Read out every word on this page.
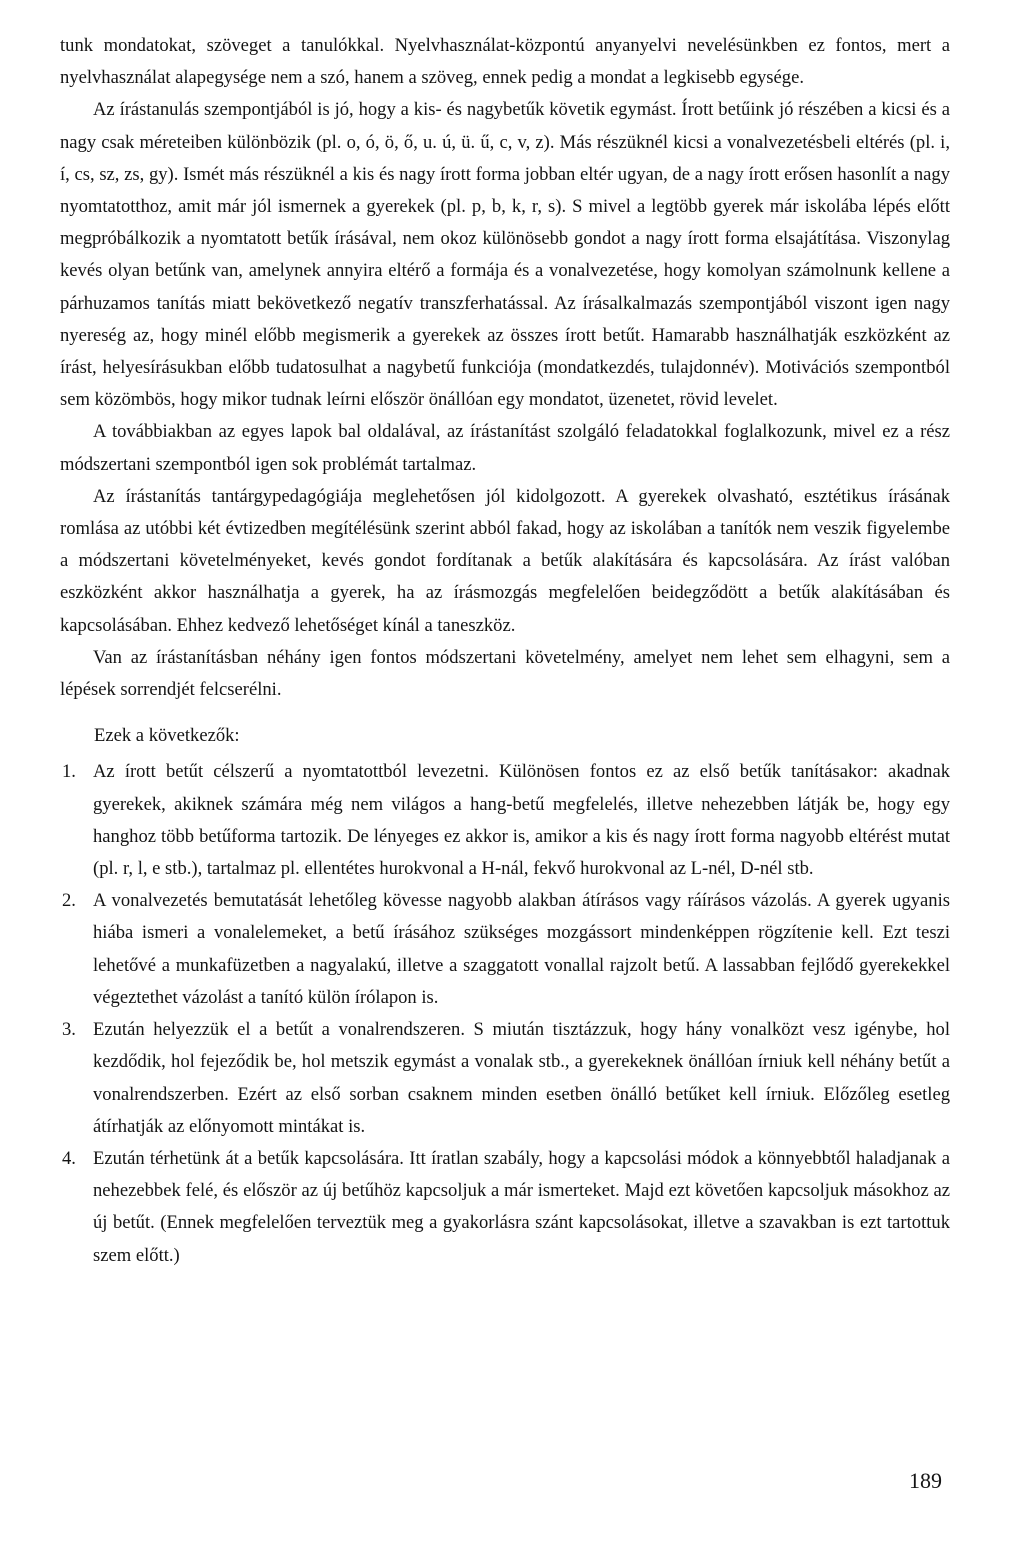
tunk mondatokat, szöveget a tanulókkal. Nyelvhasználat-központú anyanyelvi nevelésünkben ez fontos, mert a nyelvhasználat alapegysége nem a szó, hanem a szöveg, ennek pedig a mondat a legkisebb egysége.

Az írástanulás szempontjából is jó, hogy a kis- és nagybetűk követik egymást. Írott betűink jó részében a kicsi és a nagy csak méreteiben különbözik (pl. o, ó, ö, ő, u. ú, ü. ű, c, v, z). Más részüknél kicsi a vonalvezetésbeli eltérés (pl. i, í, cs, sz, zs, gy). Ismét más részüknél a kis és nagy írott forma jobban eltér ugyan, de a nagy írott erősen hasonlít a nagy nyomtatotthoz, amit már jól ismernek a gyerekek (pl. p, b, k, r, s). S mivel a legtöbb gyerek már iskolába lépés előtt megpróbálkozik a nyomtatott betűk írásával, nem okoz különösebb gondot a nagy írott forma elsajátítása. Viszonylag kevés olyan betűnk van, amelynek annyira eltérő a formája és a vonalvezetése, hogy komolyan számolnunk kellene a párhuzamos tanítás miatt bekövetkező negatív transzferhatással. Az írásalkalmazás szempontjából viszont igen nagy nyereség az, hogy minél előbb megismerik a gyerekek az összes írott betűt. Hamarabb használhatják eszközként az írást, helyesírásukban előbb tudatosulhat a nagybetű funkciója (mondatkezdés, tulajdonnév). Motivációs szempontból sem közömbös, hogy mikor tudnak leírni először önállóan egy mondatot, üzenetet, rövid levelet.

A továbbiakban az egyes lapok bal oldalával, az írástanítást szolgáló feladatokkal foglalkozunk, mivel ez a rész módszertani szempontból igen sok problémát tartalmaz.

Az írástanítás tantárgypedagógiája meglehetősen jól kidolgozott. A gyerekek olvasható, esztétikus írásának romlása az utóbbi két évtizedben megítélésünk szerint abból fakad, hogy az iskolában a tanítók nem veszik figyelembe a módszertani követelményeket, kevés gondot fordítanak a betűk alakítására és kapcsolására. Az írást valóban eszközként akkor használhatja a gyerek, ha az írásmozgás megfelelően beidegződött a betűk alakításában és kapcsolásában. Ehhez kedvező lehetőséget kínál a taneszköz.

Van az írástanításban néhány igen fontos módszertani követelmény, amelyet nem lehet sem elhagyni, sem a lépések sorrendjét felcserélni.

Ezek a következők:

1. Az írott betűt célszerű a nyomtatottból levezetni. Különösen fontos ez az első betűk tanításakor: akadnak gyerekek, akiknek számára még nem világos a hang-betű megfelelés, illetve nehezebben látják be, hogy egy hanghoz több betűforma tartozik. De lényeges ez akkor is, amikor a kis és nagy írott forma nagyobb eltérést mutat (pl. r, l, e stb.), tartalmaz pl. ellentétes hurokvonal a H-nál, fekvő hurokvonal az L-nél, D-nél stb.

2. A vonalvezetés bemutatását lehetőleg kövesse nagyobb alakban átírásos vagy ráírásos vázolás. A gyerek ugyanis hiába ismeri a vonalelemeket, a betű írásához szükséges mozgássort mindenképpen rögzítenie kell. Ezt teszi lehetővé a munkafüzetben a nagyalakú, illetve a szaggatott vonallal rajzolt betű. A lassabban fejlődő gyerekekkel végeztethet vázolást a tanító külön írólapon is.

3. Ezután helyezzük el a betűt a vonalrendszeren. S miután tisztázzuk, hogy hány vonalközt vesz igénybe, hol kezdődik, hol fejeződik be, hol metszik egymást a vonalak stb., a gyerekeknek önállóan írniuk kell néhány betűt a vonalrendszerben. Ezért az első sorban csaknem minden esetben önálló betűket kell írniuk. Előzőleg esetleg átírhatják az előnyomott mintákat is.

4. Ezután térhetünk át a betűk kapcsolására. Itt íratlan szabály, hogy a kapcsolási módok a könnyebbtől haladjanak a nehezebbek felé, és először az új betűhöz kapcsoljuk a már ismerteket. Majd ezt követően kapcsoljuk másokhoz az új betűt. (Ennek megfelelően terveztük meg a gyakorlásra szánt kapcsolásokat, illetve a szavakban is ezt tartottuk szem előtt.)

189
